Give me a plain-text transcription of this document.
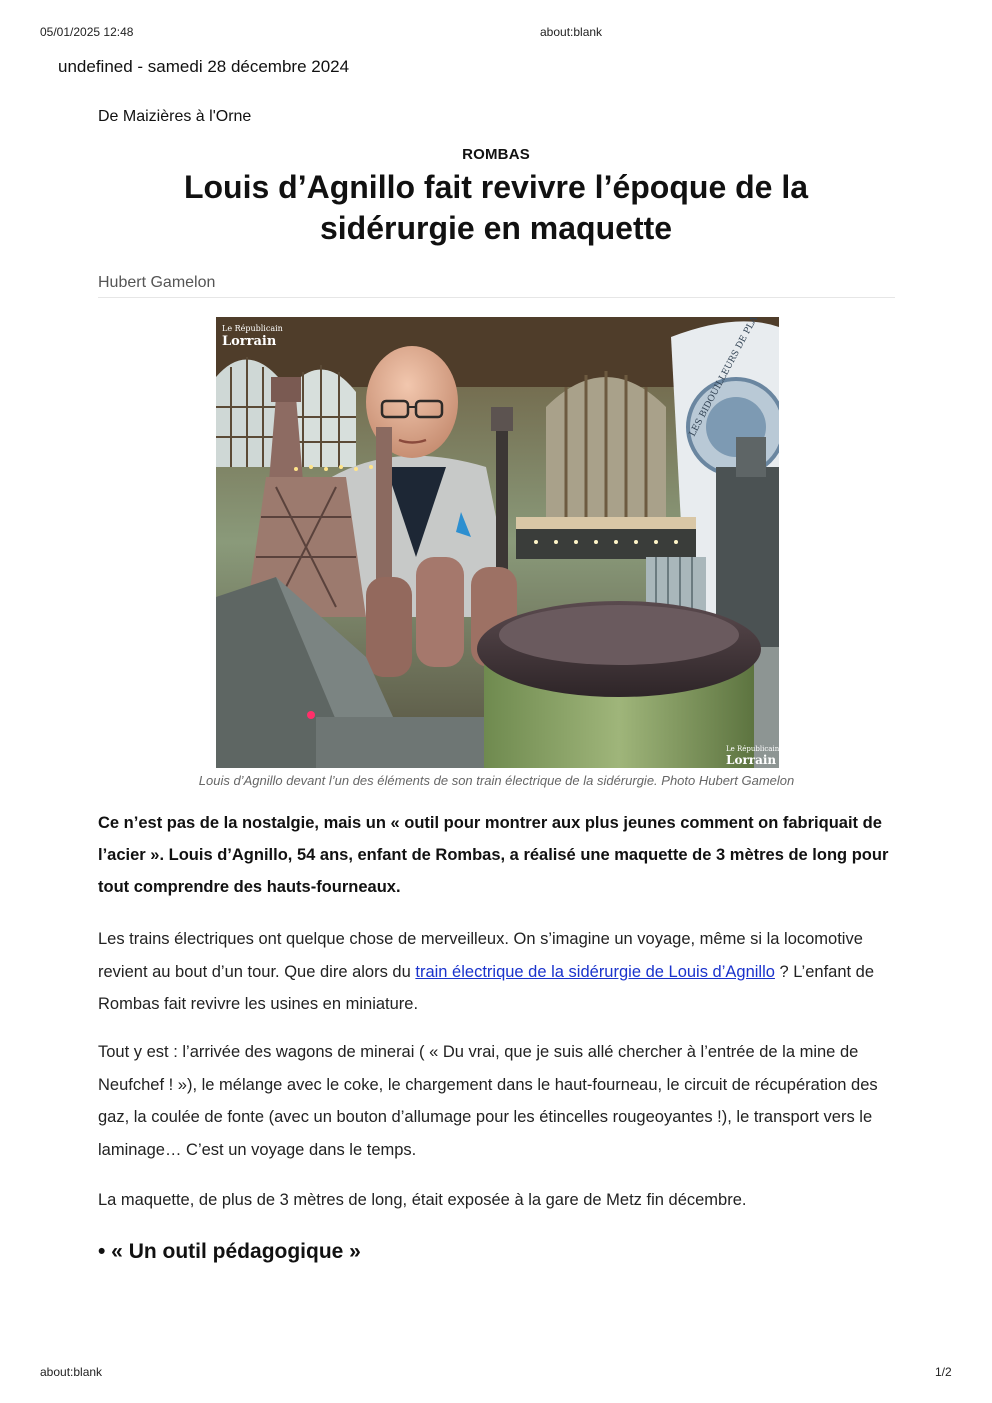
05/01/2025 12:48	about:blank
undefined - samedi 28 décembre 2024
De Maizières à l'Orne
ROMBAS
Louis d’Agnillo fait revivre l’époque de la sidérurgie en maquette
Hubert Gamelon
Le Républicain
Lorrain
Le Républicain
Lorrain
Louis d’Agnillo devant l’un des éléments de son train électrique de la sidérurgie. Photo Hubert Gamelon

Ce n’est pas de la nostalgie, mais un « outil pour montrer aux plus jeunes comment on fabriquait de l’acier ». Louis d’Agnillo, 54 ans, enfant de Rombas, a réalisé une maquette de 3 mètres de long pour tout comprendre des hauts-fourneaux.

Les trains électriques ont quelque chose de merveilleux. On s’imagine un voyage, même si la locomotive revient au bout d’un tour. Que dire alors du train électrique de la sidérurgie de Louis d’Agnillo ? L’enfant de Rombas fait revivre les usines en miniature.

Tout y est : l’arrivée des wagons de minerai ( « Du vrai, que je suis allé chercher à l’entrée de la mine de Neufchef ! »), le mélange avec le coke, le chargement dans le haut-fourneau, le circuit de récupération des gaz, la coulée de fonte (avec un bouton d’allumage pour les étincelles rougeoyantes !), le transport vers le laminage… C’est un voyage dans le temps.

La maquette, de plus de 3 mètres de long, était exposée à la gare de Metz fin décembre.

• « Un outil pédagogique »
about:blank	1/2
